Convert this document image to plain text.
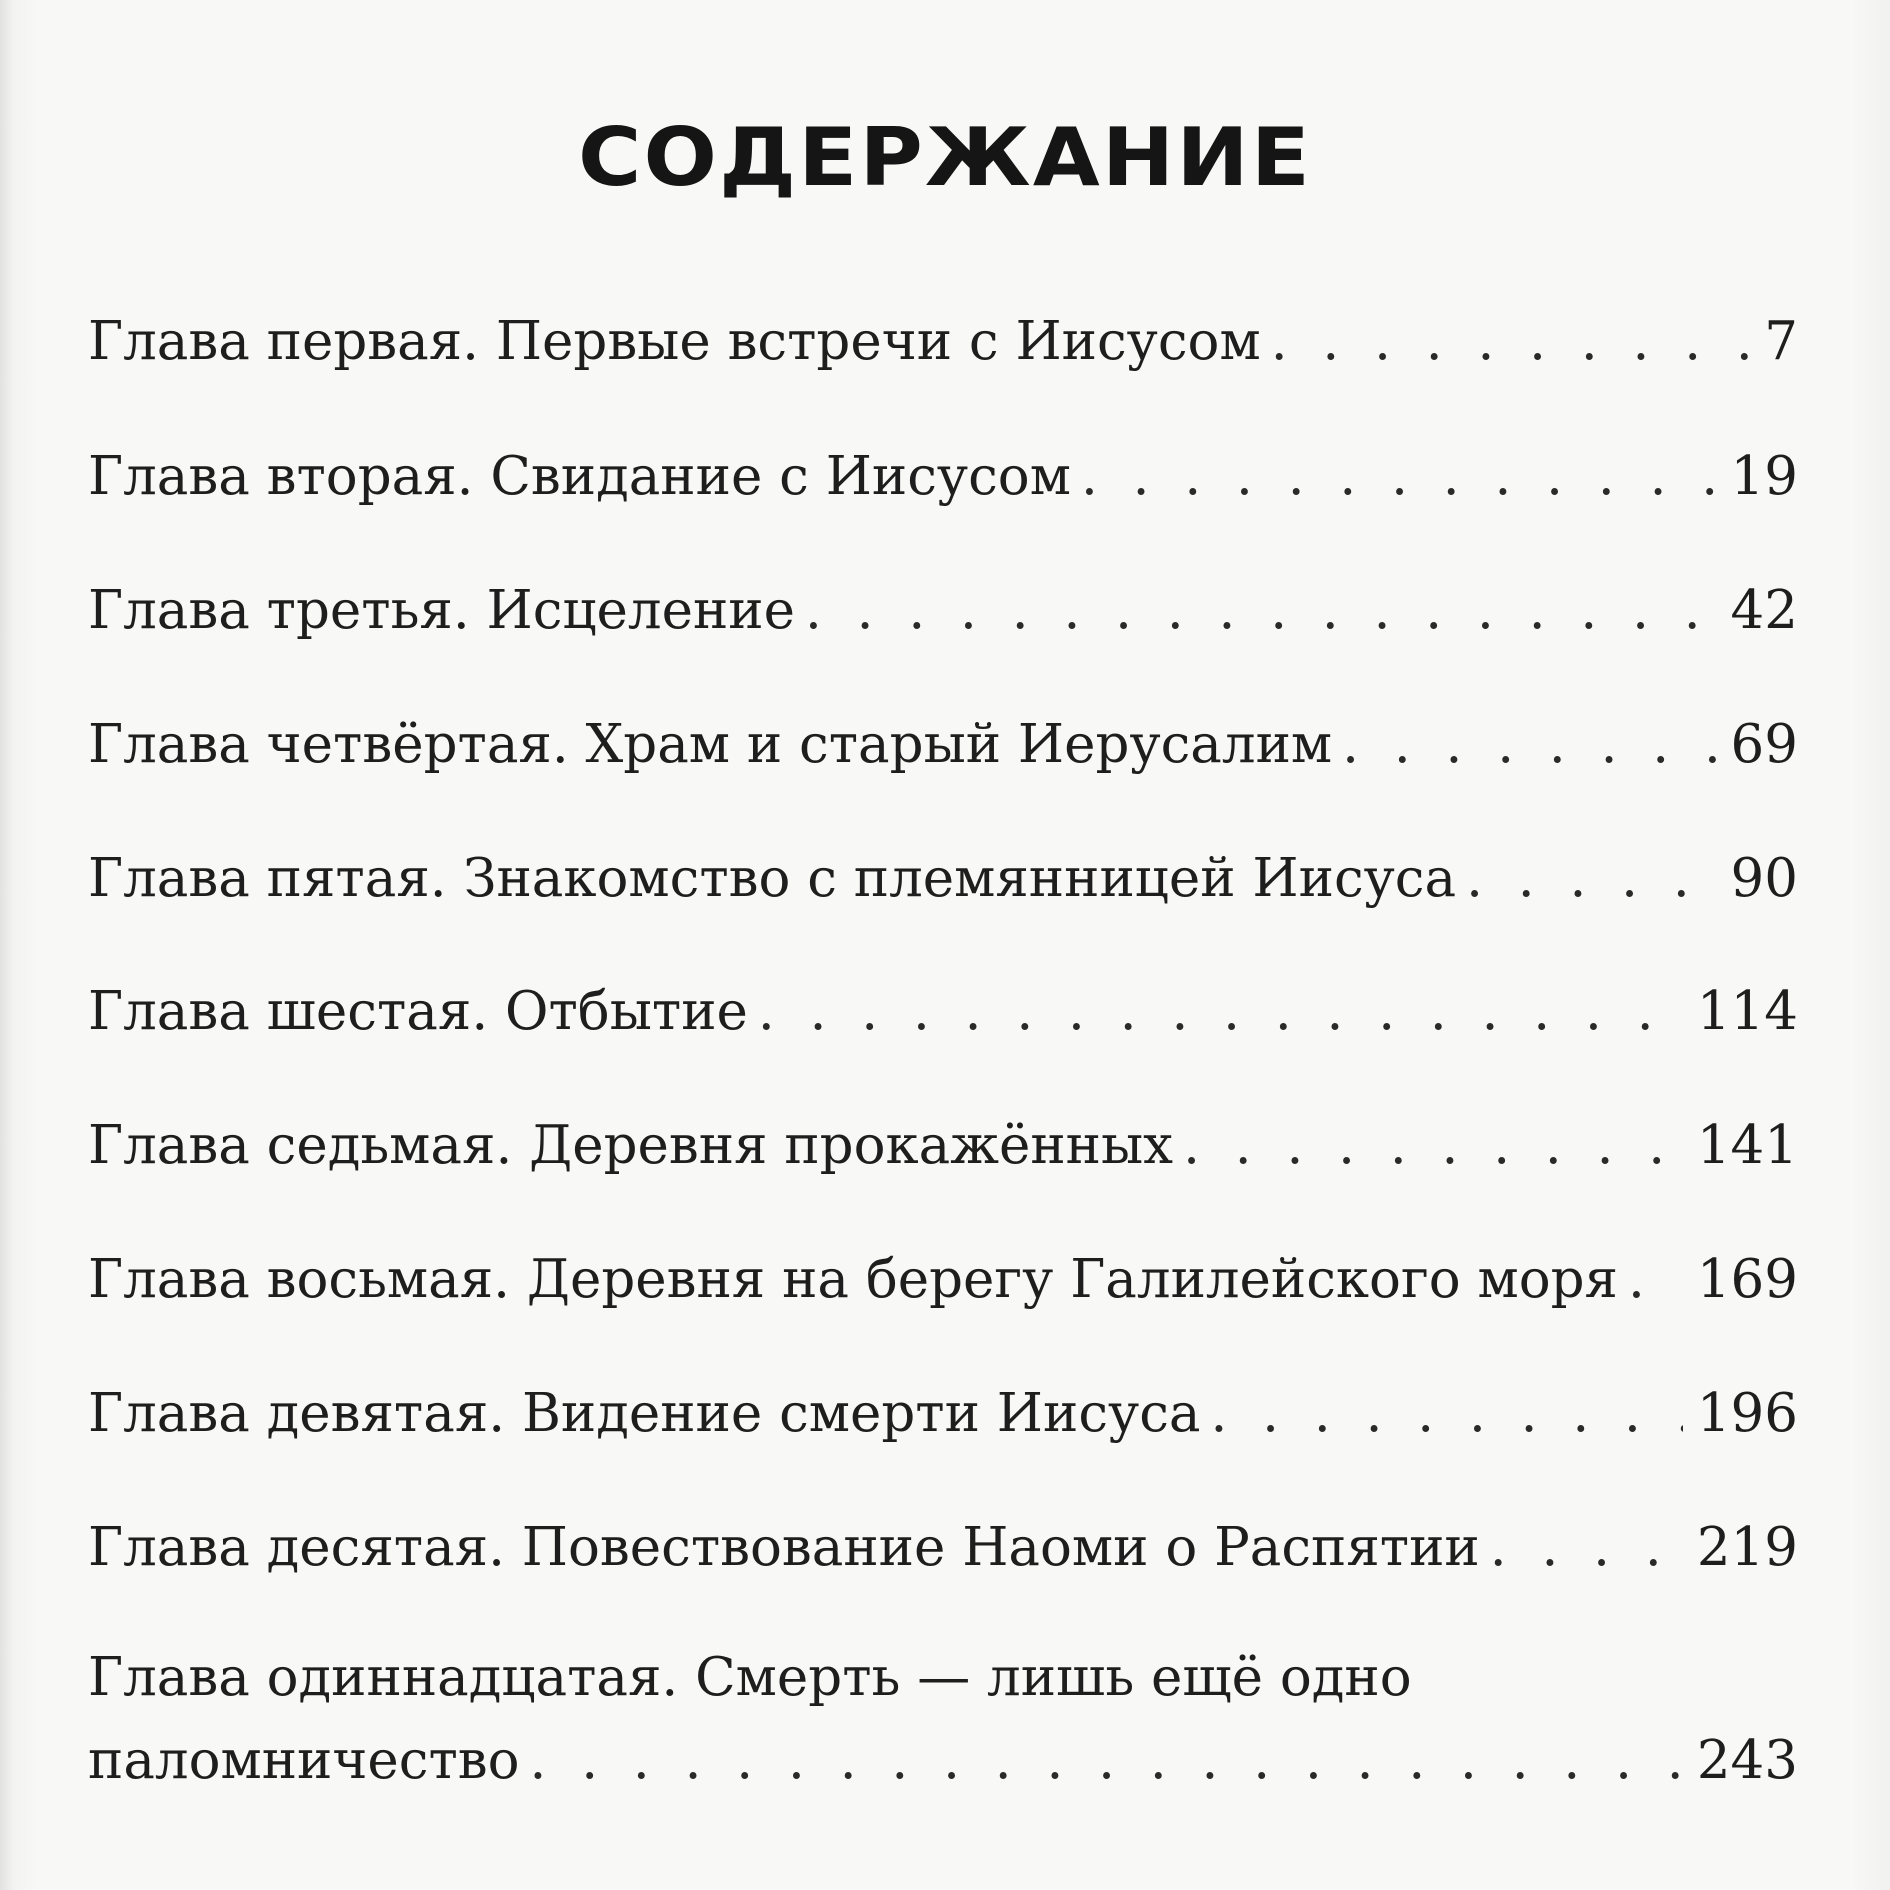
СОДЕРЖАНИЕ
Глава первая. Первые встречи с Иисусом . . .	7
Глава вторая. Свидание с Иисусом . . .	19
Глава третья. Исцеление . . .	42
Глава четвёртая. Храм и старый Иерусалим . . .	69
Глава пятая. Знакомство с племянницей Иисуса . . .	90
Глава шестая. Отбытие . . .	114
Глава седьмая. Деревня прокажённых . . .	141
Глава восьмая. Деревня на берегу Галилейского моря . . . 169
Глава девятая. Видение смерти Иисуса . . .	196
Глава десятая. Повествование Наоми о Распятии . . .	219
Глава одиннадцатая. Смерть — лишь ещё одно
паломничество . . .	243
